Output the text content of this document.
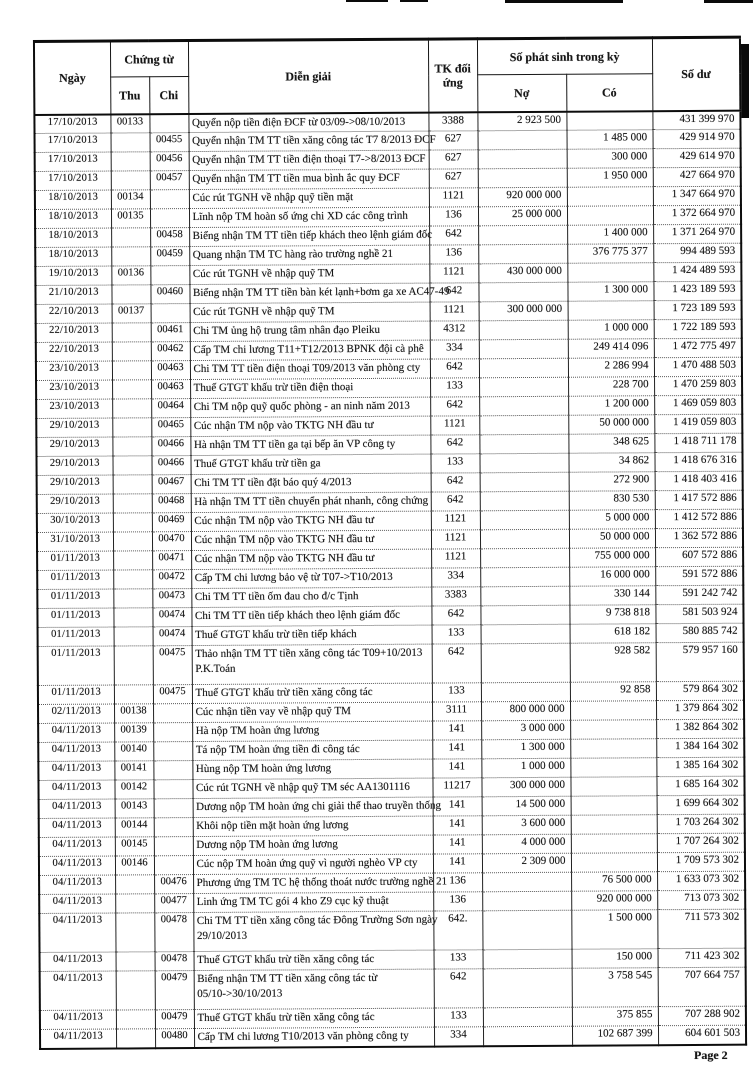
Ngày	Chứng từ		Diễn giải	TK đối ứng	Số phát sinh trong kỳ		Số dư
	Thu	Chi			Nợ	Có	
17/10/2013	00133		Quyển nộp tiền điện ĐCF từ 03/09->08/10/2013	3388	2 923 500		431 399 970
17/10/2013		00455	Quyển nhận TM TT tiền xăng công tác T7 8/2013 ĐCF	627		1 485 000	429 914 970
17/10/2013		00456	Quyển nhận TM TT tiền điện thoại T7->8/2013 ĐCF	627		300 000	429 614 970
17/10/2013		00457	Quyển nhận TM TT tiền mua bình ắc quy ĐCF	627		1 950 000	427 664 970
18/10/2013	00134		Cúc rút TGNH về nhập quỹ tiền mặt	1121	920 000 000		1 347 664 970
18/10/2013	00135		Lĩnh nộp TM hoàn số ứng chi XD các công trình	136	25 000 000		1 372 664 970
18/10/2013		00458	Biểng nhận TM TT tiền tiếp khách theo lệnh giám đốc	642		1 400 000	1 371 264 970
18/10/2013		00459	Quang nhận TM TC hàng rào trường nghề 21	136		376 775 377	994 489 593
19/10/2013	00136		Cúc rút TGNH về nhập quỹ TM	1121	430 000 000		1 424 489 593
21/10/2013		00460	Biểng nhận TM TT tiền bàn két lạnh+bơm ga xe AC47-49	642		1 300 000	1 423 189 593
22/10/2013	00137		Cúc rút TGNH về nhập quỹ TM	1121	300 000 000		1 723 189 593
22/10/2013		00461	Chi TM ủng hộ trung tâm nhân đạo Pleiku	4312		1 000 000	1 722 189 593
22/10/2013		00462	Cấp TM chi lương T11+T12/2013 BPNK đội cà phê	334		249 414 096	1 472 775 497
23/10/2013		00463	Chi TM TT tiền điện thoại T09/2013 văn phòng cty	642		2 286 994	1 470 488 503
23/10/2013		00463	Thuế GTGT khấu trừ tiền điện thoại	133		228 700	1 470 259 803
23/10/2013		00464	Chi TM nộp quỹ quốc phòng - an ninh năm 2013	642		1 200 000	1 469 059 803
29/10/2013		00465	Cúc nhận TM nộp vào TKTG NH đầu tư	1121		50 000 000	1 419 059 803
29/10/2013		00466	Hà nhận TM TT tiền ga tại bếp ăn VP công ty	642		348 625	1 418 711 178
29/10/2013		00466	Thuế GTGT khấu trừ tiền ga	133		34 862	1 418 676 316
29/10/2013		00467	Chi TM TT tiền đặt báo quý 4/2013	642		272 900	1 418 403 416
29/10/2013		00468	Hà nhận TM TT tiền chuyển phát nhanh, công chứng	642		830 530	1 417 572 886
30/10/2013		00469	Cúc nhận TM nộp vào TKTG NH đầu tư	1121		5 000 000	1 412 572 886
31/10/2013		00470	Cúc nhận TM nộp vào TKTG NH đầu tư	1121		50 000 000	1 362 572 886
01/11/2013		00471	Cúc nhận TM nộp vào TKTG NH đầu tư	1121		755 000 000	607 572 886
01/11/2013		00472	Cấp TM chi lương bảo vệ từ T07->T10/2013	334		16 000 000	591 572 886
01/11/2013		00473	Chi TM TT tiền ốm đau cho đ/c Tịnh	3383		330 144	591 242 742
01/11/2013		00474	Chi TM TT tiền tiếp khách theo lệnh giám đốc	642		9 738 818	581 503 924
01/11/2013		00474	Thuế GTGT khấu trừ tiền tiếp khách	133		618 182	580 885 742
01/11/2013		00475	Thảo nhận TM TT tiền xăng công tác T09+10/2013
P.K.Toán	642		928 582	579 957 160
01/11/2013		00475	Thuế GTGT khấu trừ tiền xăng công tác	133		92 858	579 864 302
02/11/2013	00138		Cúc nhận tiền vay về nhập quỹ TM	3111	800 000 000		1 379 864 302
04/11/2013	00139		Hà nộp TM hoàn ứng lương	141	3 000 000		1 382 864 302
04/11/2013	00140		Tá nộp TM hoàn ứng tiền đi công tác	141	1 300 000		1 384 164 302
04/11/2013	00141		Hùng nộp TM hoàn ứng lương	141	1 000 000		1 385 164 302
04/11/2013	00142		Cúc rút TGNH về nhập quỹ TM séc AA1301116	11217	300 000 000		1 685 164 302
04/11/2013	00143		Dương nộp TM hoàn ứng chi giải thể thao truyền thống	141	14 500 000		1 699 664 302
04/11/2013	00144		Khôi nộp tiền mặt hoàn ứng lương	141	3 600 000		1 703 264 302
04/11/2013	00145		Dương nộp TM hoàn ứng lương	141	4 000 000		1 707 264 302
04/11/2013	00146		Cúc nộp TM hoàn ứng quỹ vì người nghèo VP cty	141	2 309 000		1 709 573 302
04/11/2013		00476	Phương ứng TM TC hệ thống thoát nước trường nghề 21	136		76 500 000	1 633 073 302
04/11/2013		00477	Linh ứng TM TC gói 4 kho Z9 cục kỹ thuật	136		920 000 000	713 073 302
04/11/2013		00478	Chi TM TT tiền xăng công tác Đông Trường Sơn ngày
29/10/2013	642.		1 500 000	711 573 302
04/11/2013		00478	Thuế GTGT khấu trừ tiền xăng công tác	133		150 000	711 423 302
04/11/2013		00479	Biểng nhận TM TT tiền xăng công tác từ
05/10->30/10/2013	642		3 758 545	707 664 757
04/11/2013		00479	Thuế GTGT khấu trừ tiền xăng công tác	133		375 855	707 288 902
04/11/2013		00480	Cấp TM chi lương T10/2013 văn phòng công ty	334		102 687 399	604 601 503
Page 2
